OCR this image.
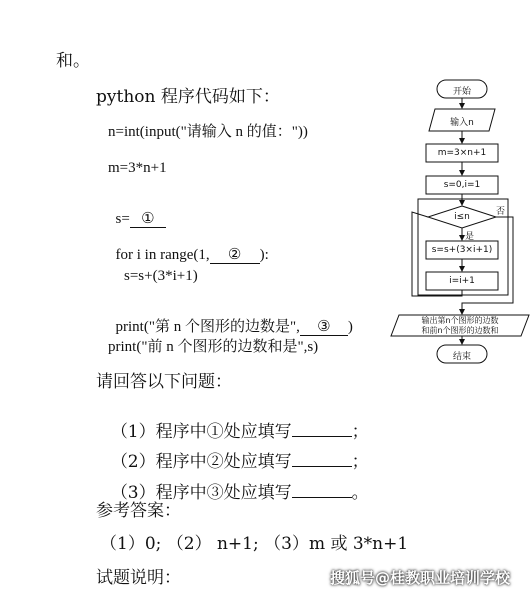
和。
python 程序代码如下：
n=int(input("请输入 n 的值："))
m=3*n+1

s= ①

for i in range(1, ② ):

s=s+(3*i+1)

print("第 n 个图形的边数是", ③ )

print("前 n 个图形的边数和是",s)
请回答以下问题：

（1）程序中①处应填写	；

（2）程序中②处应填写	；

（3）程序中③处应填写	。

参考答案：
（1）0; （2） n+1; （3）m 或 3*n+1
试题说明：
开始
输入n
m=3×n+1
s=0,i=1
i≤n	否
是
s=s+(3×i+1)
i=i+1
输出第n个图形的边数
和前n个图形的边数和
结束
搜狐号@桂教职业培训学校
